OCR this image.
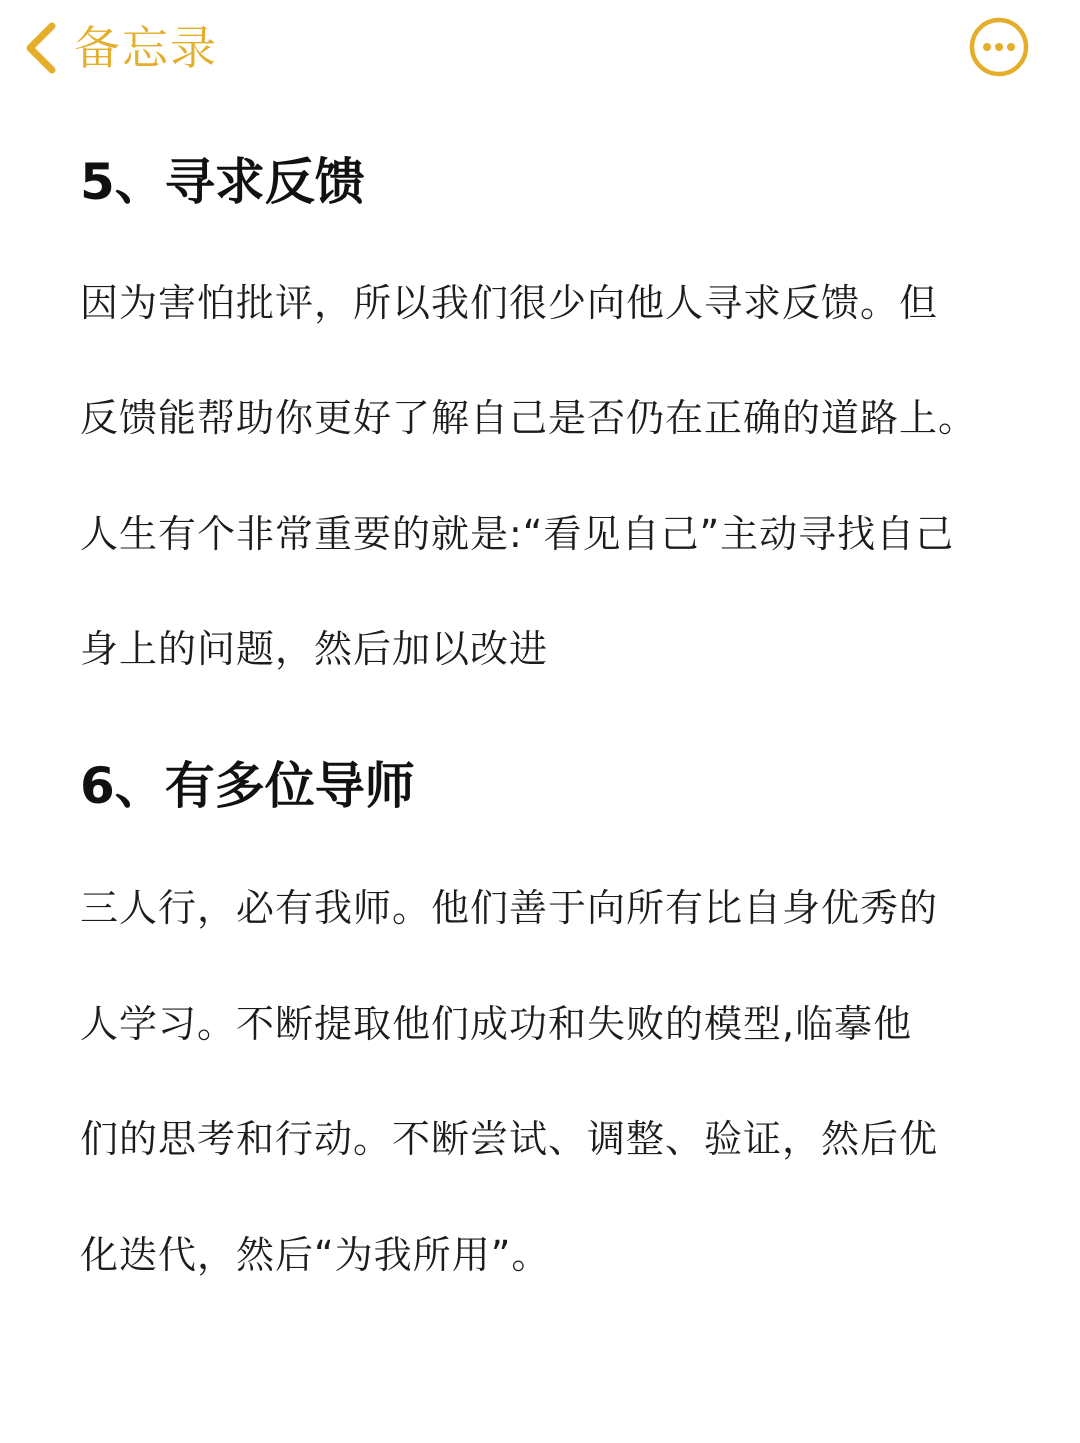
备忘录
5、寻求反馈
因为害怕批评，所以我们很少向他人寻求反馈。但
反馈能帮助你更好了解自己是否仍在正确的道路上。
人生有个非常重要的就是:“看见自己”主动寻找自己
身上的问题，然后加以改进
6、有多位导师
三人行，必有我师。他们善于向所有比自身优秀的
人学习。不断提取他们成功和失败的模型,临摹他
们的思考和行动。不断尝试、调整、验证，然后优
化迭代，然后“为我所用”。
